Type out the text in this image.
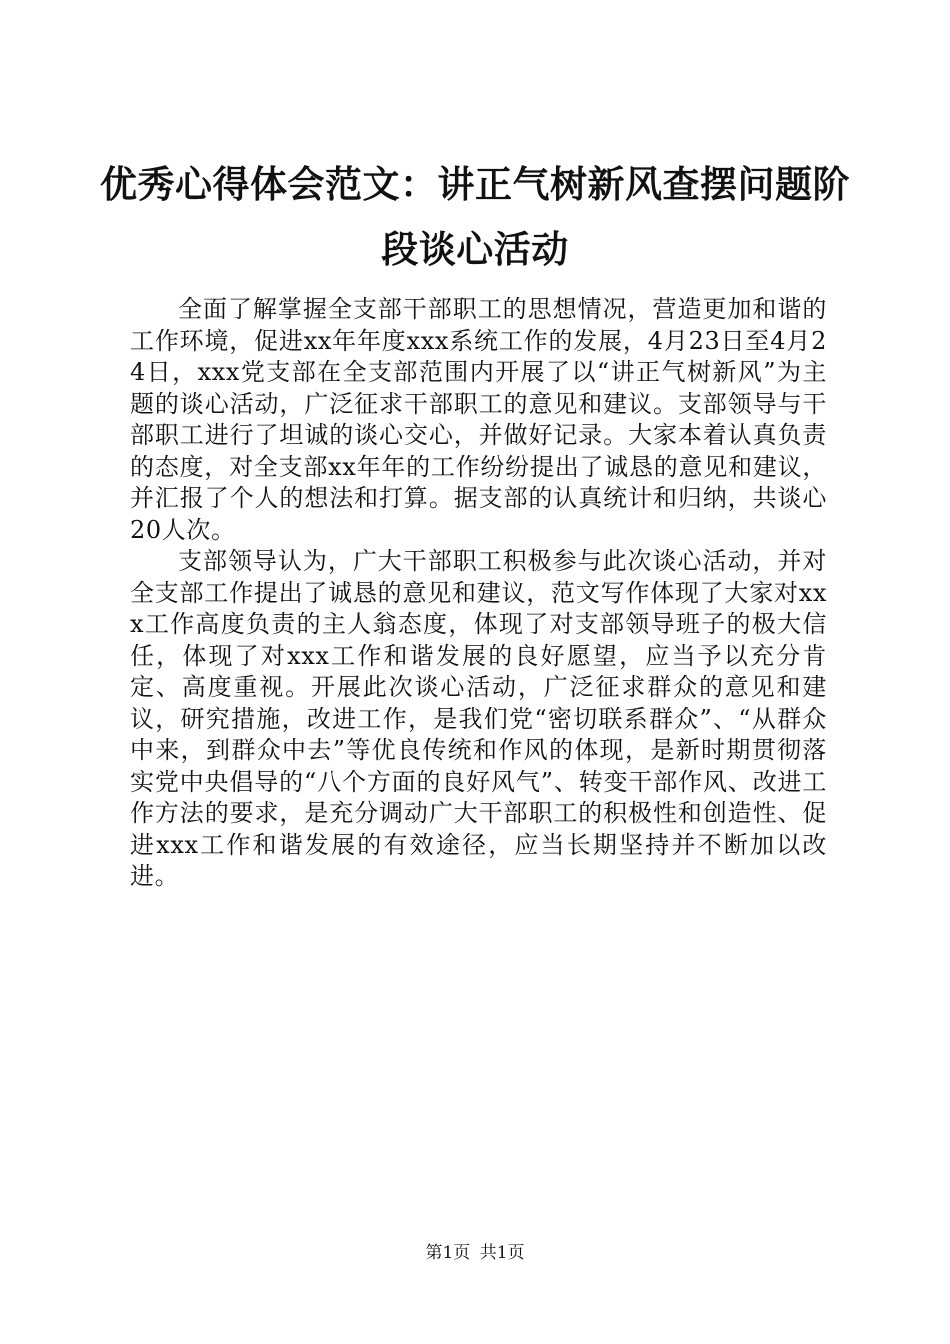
优秀心得体会范文：讲正气树新风查摆问题阶段谈心活动

全面了解掌握全支部干部职工的思想情况，营造更加和谐的工作环境，促进xx年年度xxx系统工作的发展，4月23日至4月24日，xxx党支部在全支部范围内开展了以“讲正气树新风”为主题的谈心活动，广泛征求干部职工的意见和建议。支部领导与干部职工进行了坦诚的谈心交心，并做好记录。大家本着认真负责的态度，对全支部xx年年的工作纷纷提出了诚恳的意见和建议，并汇报了个人的想法和打算。据支部的认真统计和归纳，共谈心20人次。

支部领导认为，广大干部职工积极参与此次谈心活动，并对全支部工作提出了诚恳的意见和建议，范文写作体现了大家对xxx工作高度负责的主人翁态度，体现了对支部领导班子的极大信任，体现了对xxx工作和谐发展的良好愿望，应当予以充分肯定、高度重视。开展此次谈心活动，广泛征求群众的意见和建议，研究措施，改进工作，是我们党“密切联系群众”、“从群众中来，到群众中去”等优良传统和作风的体现，是新时期贯彻落实党中央倡导的“八个方面的良好风气”、转变干部作风、改进工作方法的要求，是充分调动广大干部职工的积极性和创造性、促进xxx工作和谐发展的有效途径，应当长期坚持并不断加以改进。

第1页 共1页
